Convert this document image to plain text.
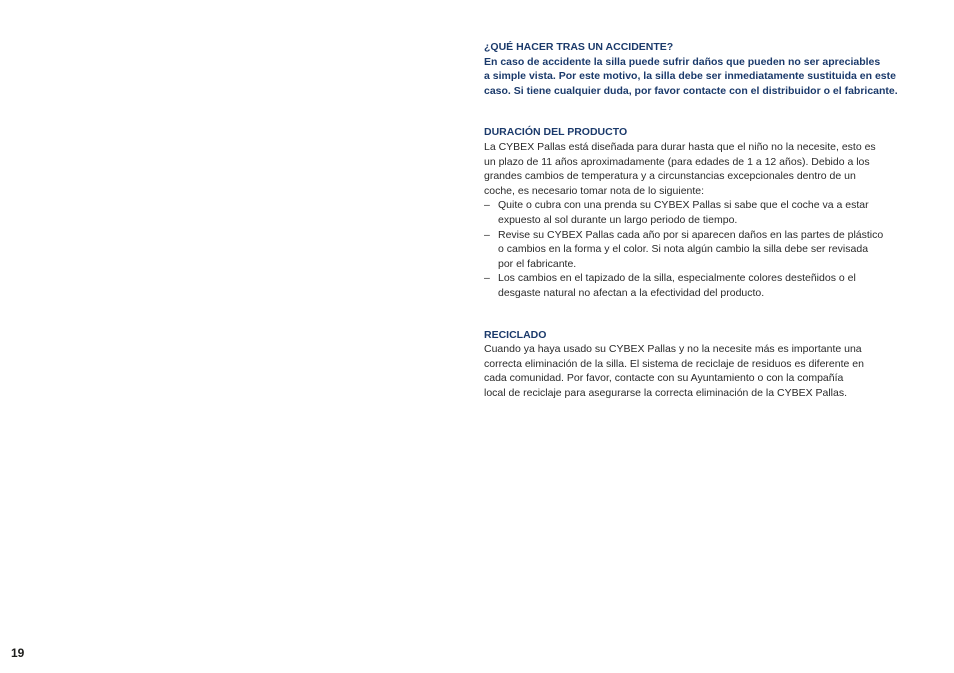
¿QUÉ HACER TRAS UN ACCIDENTE?

En caso de accidente la silla puede sufrir daños que pueden no ser apreciables

a simple vista. Por este motivo, la silla debe ser inmediatamente sustituida en este

caso. Si tiene cualquier duda, por favor contacte con el distribuidor o el fabricante.

DURACIÓN DEL PRODUCTO

La CYBEX Pallas está diseñada para durar hasta que el niño no la necesite, esto es

un plazo de 11 años aproximadamente (para edades de 1 a 12 años). Debido a los

grandes cambios de temperatura y a circunstancias excepcionales dentro de un

coche, es necesario tomar nota de lo siguiente:

– Quite o cubra con una prenda su CYBEX Pallas si sabe que el coche va a estar

expuesto al sol durante un largo periodo de tiempo.

– Revise su CYBEX Pallas cada año por si aparecen daños en las partes de plástico

o cambios en la forma y el color. Si nota algún cambio la silla debe ser revisada

por el fabricante.

– Los cambios en el tapizado de la silla, especialmente colores desteñidos o el

desgaste natural no afectan a la efectividad del producto.

RECICLADO

Cuando ya haya usado su CYBEX Pallas y no la necesite más es importante una

correcta eliminación de la silla. El sistema de reciclaje de residuos es diferente en

cada comunidad. Por favor, contacte con su Ayuntamiento o con la compañía

local de reciclaje para asegurarse la correcta eliminación de la CYBEX Pallas.

19
